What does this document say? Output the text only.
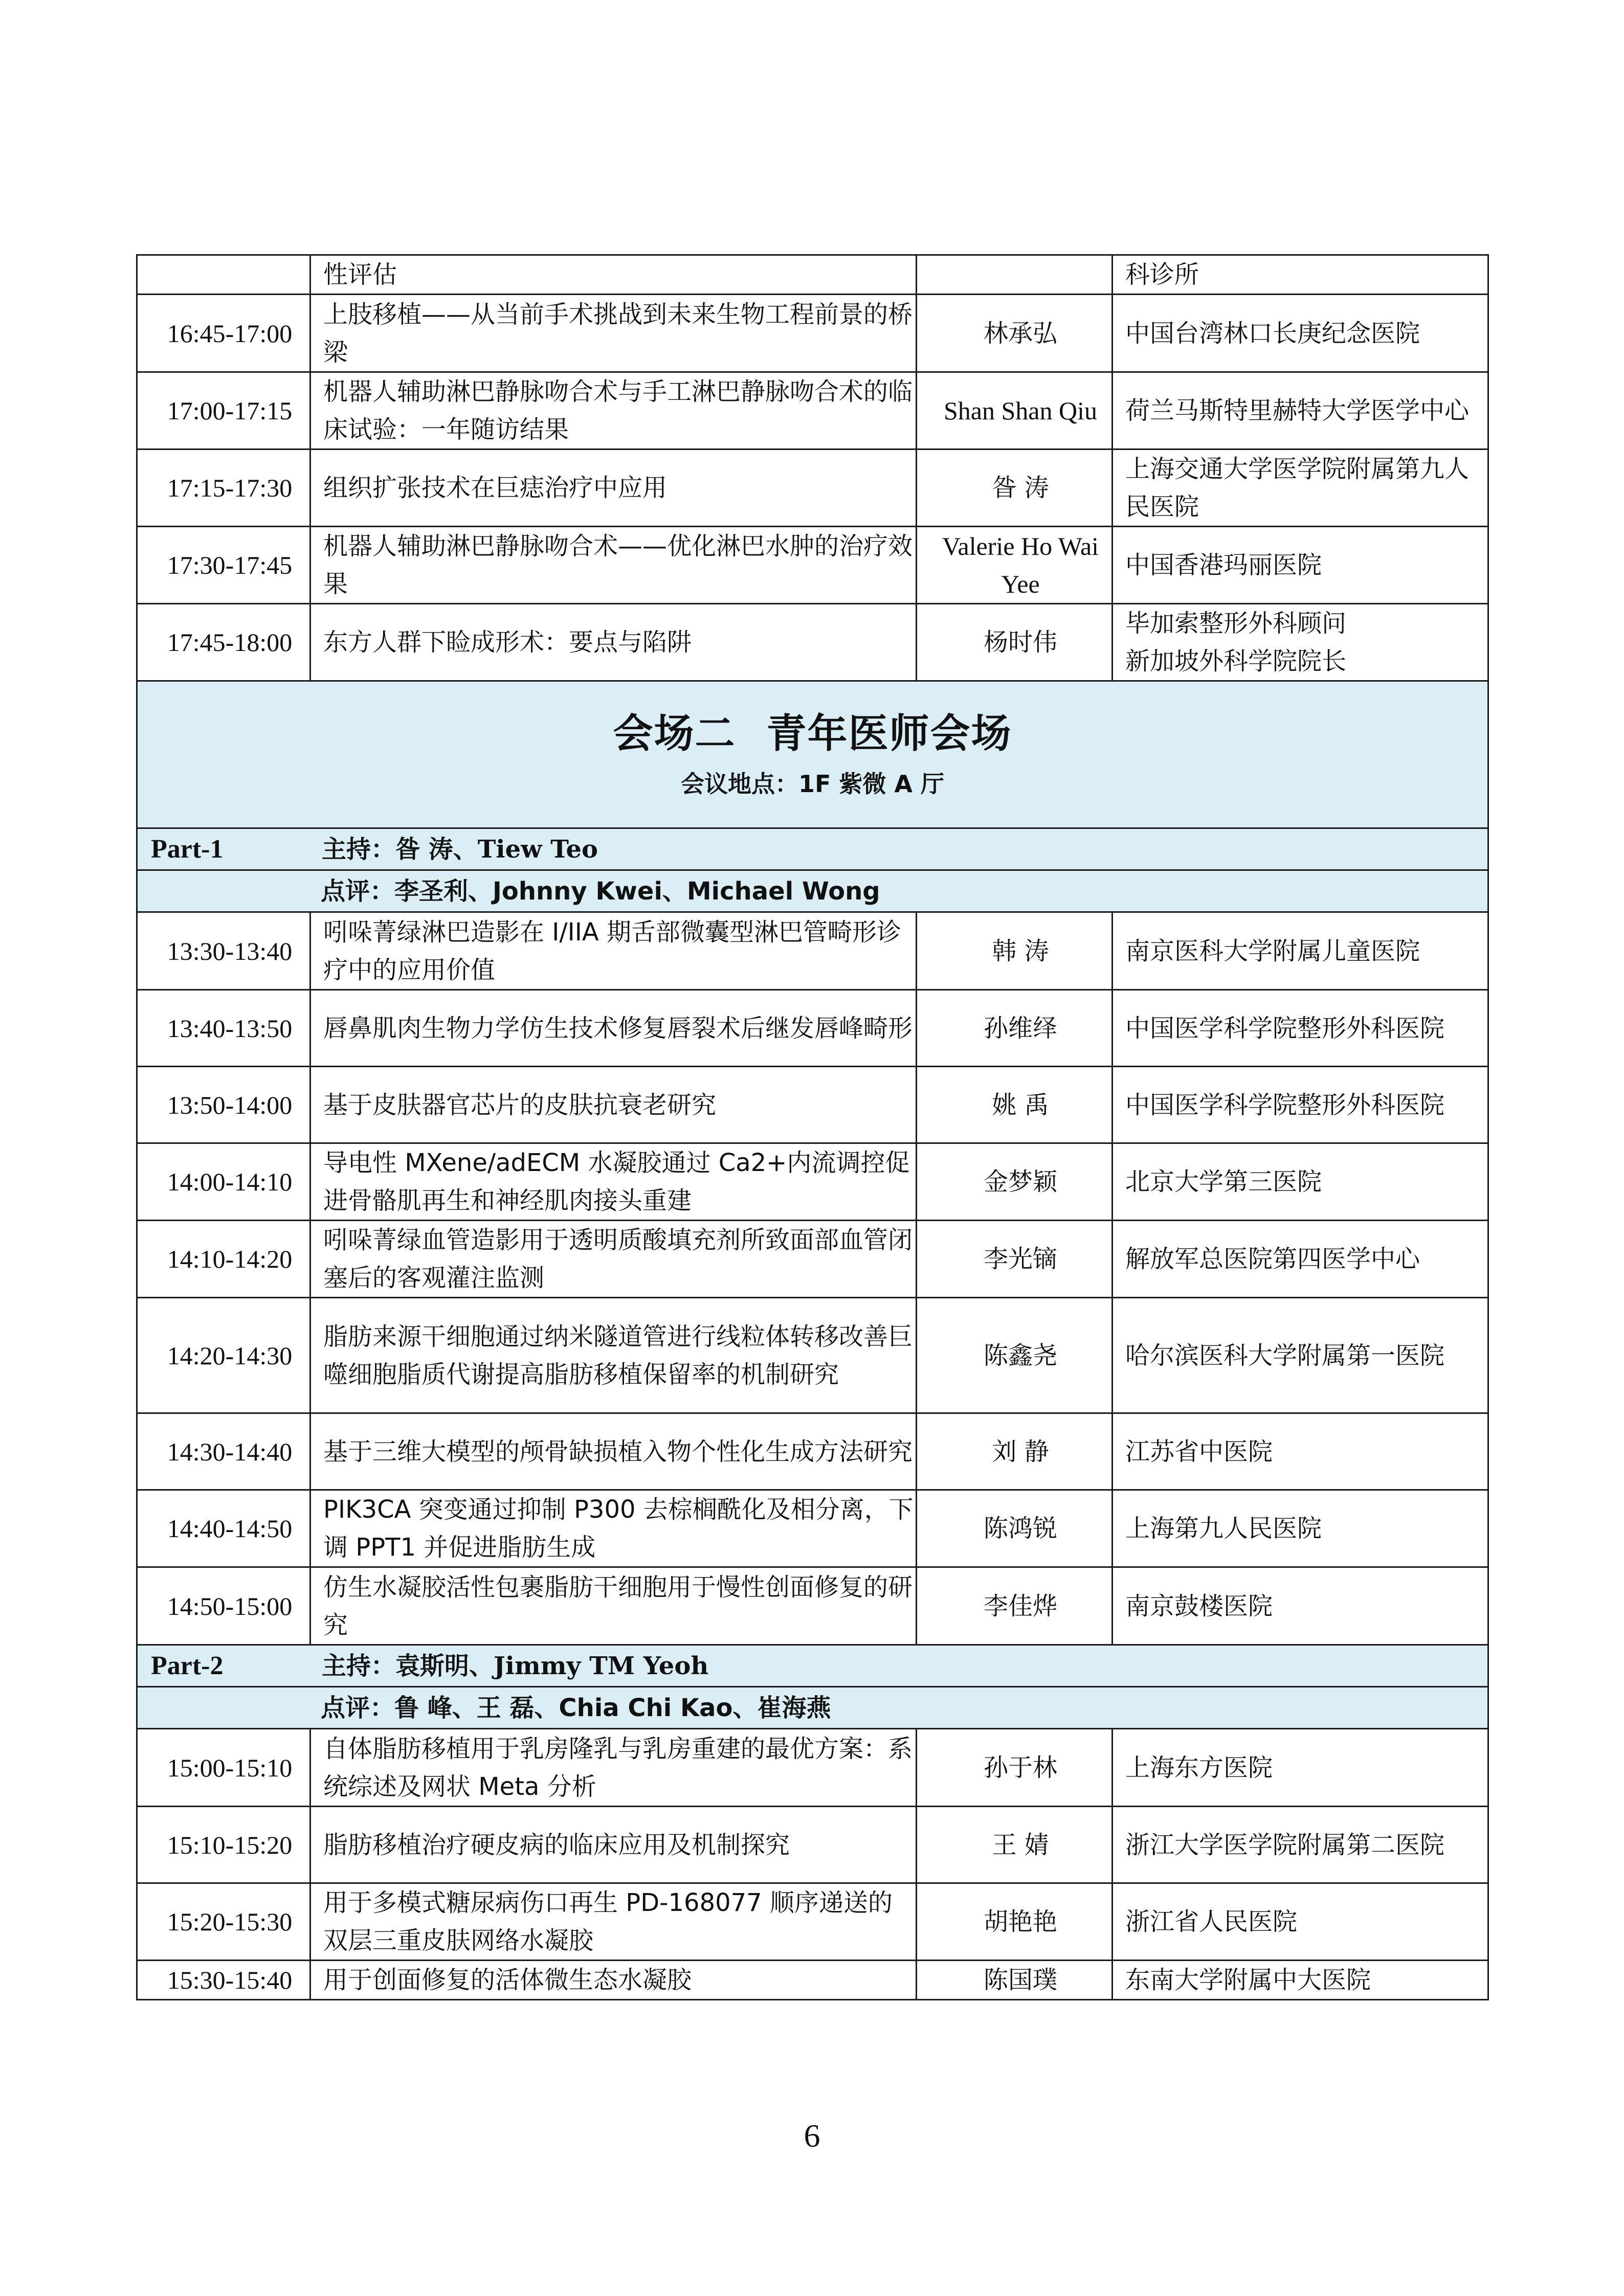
	性评估		科诊所
16:45-17:00	上肢移植——从当前手术挑战到未来生物工程前景的桥梁	林承弘	中国台湾林口长庚纪念医院
17:00-17:15	机器人辅助淋巴静脉吻合术与手工淋巴静脉吻合术的临床试验：一年随访结果	Shan Shan Qiu	荷兰马斯特里赫特大学医学中心
17:15-17:30	组织扩张技术在巨痣治疗中应用	昝 涛	上海交通大学医学院附属第九人民医院
17:30-17:45	机器人辅助淋巴静脉吻合术——优化淋巴水肿的治疗效果	Valerie Ho Wai Yee	中国香港玛丽医院
17:45-18:00	东方人群下睑成形术：要点与陷阱	杨时伟	毕加索整形外科顾问
新加坡外科学院院长

会场二 青年医师会场
会议地点：1F 紫微 A 厅			

Part-1 主持：昝 涛、Tiew Teo			
点评：李圣利、Johnny Kwei、Michael Wong			
13:30-13:40	吲哚菁绿淋巴造影在 I/IIA 期舌部微囊型淋巴管畸形诊疗中的应用价值	韩 涛	南京医科大学附属儿童医院
13:40-13:50	唇鼻肌肉生物力学仿生技术修复唇裂术后继发唇峰畸形	孙维绎	中国医学科学院整形外科医院
13:50-14:00	基于皮肤器官芯片的皮肤抗衰老研究	姚 禹	中国医学科学院整形外科医院
14:00-14:10	导电性 MXene/adECM 水凝胶通过 Ca2+内流调控促进骨骼肌再生和神经肌肉接头重建	金梦颖	北京大学第三医院
14:10-14:20	吲哚菁绿血管造影用于透明质酸填充剂所致面部血管闭塞后的客观灌注监测	李光镝	解放军总医院第四医学中心
14:20-14:30	脂肪来源干细胞通过纳米隧道管进行线粒体转移改善巨噬细胞脂质代谢提高脂肪移植保留率的机制研究	陈鑫尧	哈尔滨医科大学附属第一医院
14:30-14:40	基于三维大模型的颅骨缺损植入物个性化生成方法研究	刘 静	江苏省中医院
14:40-14:50	PIK3CA 突变通过抑制 P300 去棕榈酰化及相分离，下调 PPT1 并促进脂肪生成	陈鸿锐	上海第九人民医院
14:50-15:00	仿生水凝胶活性包裹脂肪干细胞用于慢性创面修复的研究	李佳烨	南京鼓楼医院
Part-2 主持：袁斯明、Jimmy TM Yeoh			
点评：鲁 峰、王 磊、Chia Chi Kao、崔海燕			
15:00-15:10	自体脂肪移植用于乳房隆乳与乳房重建的最优方案：系统综述及网状 Meta 分析	孙于林	上海东方医院
15:10-15:20	脂肪移植治疗硬皮病的临床应用及机制探究	王 婧	浙江大学医学院附属第二医院
15:20-15:30	用于多模式糖尿病伤口再生 PD-168077 顺序递送的双层三重皮肤网络水凝胶	胡艳艳	浙江省人民医院
15:30-15:40	用于创面修复的活体微生态水凝胶	陈国璞	东南大学附属中大医院
6
